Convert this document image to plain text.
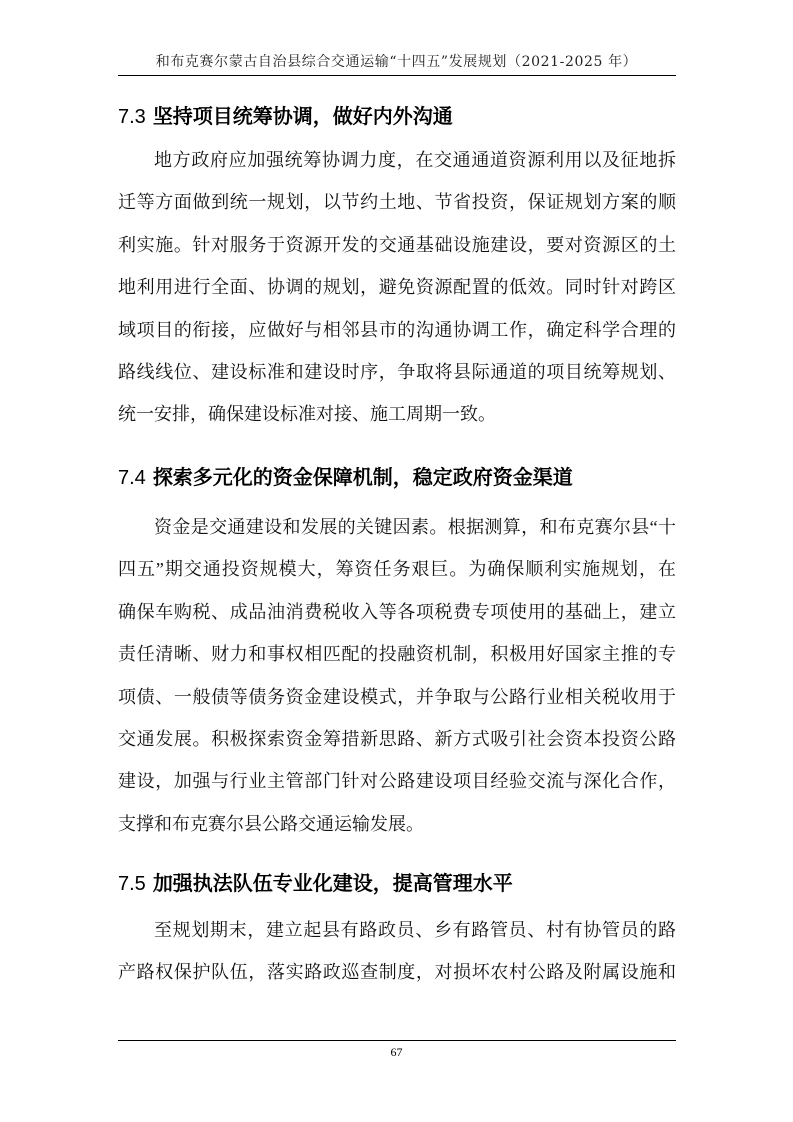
和布克赛尔蒙古自治县综合交通运输“十四五”发展规划（2021-2025 年）
7.3 坚持项目统筹协调，做好内外沟通
地方政府应加强统筹协调力度，在交通通道资源利用以及征地拆
迁等方面做到统一规划，以节约土地、节省投资，保证规划方案的顺
利实施。针对服务于资源开发的交通基础设施建设，要对资源区的土
地利用进行全面、协调的规划，避免资源配置的低效。同时针对跨区
域项目的衔接，应做好与相邻县市的沟通协调工作，确定科学合理的
路线线位、建设标准和建设时序，争取将县际通道的项目统筹规划、
统一安排，确保建设标准对接、施工周期一致。
7.4 探索多元化的资金保障机制，稳定政府资金渠道
资金是交通建设和发展的关键因素。根据测算，和布克赛尔县“十
四五”期交通投资规模大，筹资任务艰巨。为确保顺利实施规划，在
确保车购税、成品油消费税收入等各项税费专项使用的基础上，建立
责任清晰、财力和事权相匹配的投融资机制，积极用好国家主推的专
项债、一般债等债务资金建设模式，并争取与公路行业相关税收用于
交通发展。积极探索资金筹措新思路、新方式吸引社会资本投资公路
建设，加强与行业主管部门针对公路建设项目经验交流与深化合作，
支撑和布克赛尔县公路交通运输发展。
7.5 加强执法队伍专业化建设，提高管理水平
至规划期末，建立起县有路政员、乡有路管员、村有协管员的路
产路权保护队伍，落实路政巡查制度，对损坏农村公路及附属设施和
67
